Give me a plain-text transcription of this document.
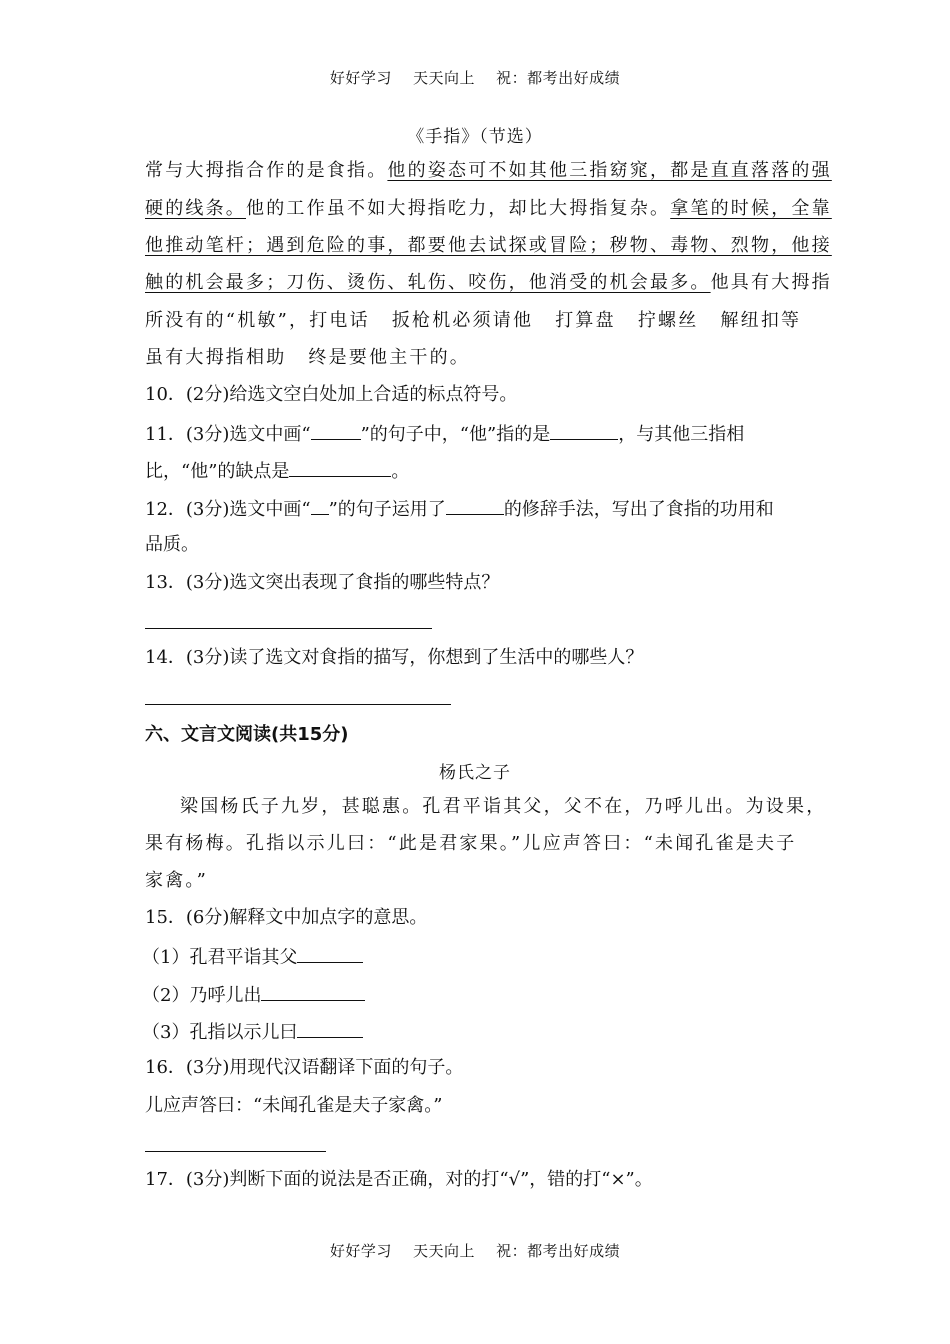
好好学习    天天向上    祝：都考出好成绩
《手指》（节选）
常与大拇指合作的是食指。他的姿态可不如其他三指窈窕，都是直直落落的强
硬的线条。他的工作虽不如大拇指吃力，却比大拇指复杂。拿笔的时候，全靠
他推动笔杆；遇到危险的事，都要他去试探或冒险；秽物、毒物、烈物，他接
触的机会最多；刀伤、烫伤、轧伤、咬伤，他消受的机会最多。他具有大拇指
所没有的“机敏”，打电话 扳枪机必须请他 打算盘 拧螺丝 解纽扣等
虽有大拇指相助 终是要他主干的。
10．(2分)给选文空白处加上合适的标点符号。
11．(3分)选文中画“	”的句子中，“他”指的是	，与其他三指相
比，“他”的缺点是	。
12．(3分)选文中画“ ”的句子运用了	的修辞手法，写出了食指的功用和
品质。
13．(3分)选文突出表现了食指的哪些特点？
14．(3分)读了选文对食指的描写，你想到了生活中的哪些人？
六、文言文阅读(共15分)
杨氏之子
梁国杨氏子九岁，甚聪惠。孔君平诣其父，父不在，乃呼儿出。为设果，
果有杨梅。孔指以示儿曰：“此是君家果。”儿应声答曰：“未闻孔雀是夫子
家禽。”
15．(6分)解释文中加点字的意思。
（1）孔君平诣其父
（2）乃呼儿出
（3）孔指以示儿曰
16．(3分)用现代汉语翻译下面的句子。
儿应声答曰：“未闻孔雀是夫子家禽。”
17．(3分)判断下面的说法是否正确，对的打“√”，错的打“×”。
好好学习    天天向上    祝：都考出好成绩
